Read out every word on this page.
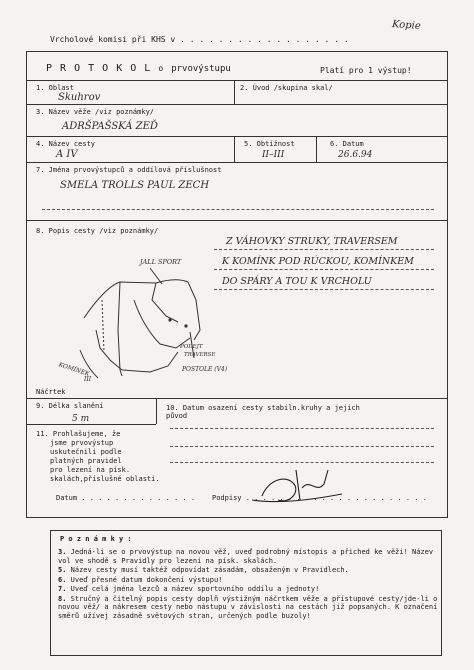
Kopie
Vrcholové komisi při KHS v . . . . . . . . . . . . . . . . . .
P R O T O K O L o prvovýstupu	Platí pro 1 výstup!
1. Oblast
Skuhrov
2. Úvod /skupina skal/
3. Název věže /viz poznámky/
ADRŠPAŠSKÁ ZEĎ
4. Název cesty
A IV
5. Obtížnost
II–III
6. Datum
26.6.94
7. Jména prvovýstupců a oddílová příslušnost
SMELA TROLLS PAUL ZECH
8. Popis cesty /viz poznámky/
Z VÁHOVKY STRUKY, TRAVERSEM
K KOMÍNK POD RÚCKOU, KOMÍNKEM
DO SPÁRY A TOU K VRCHOLU
JALL SPORT
PODEJT
TRAVERSE
POSTOLE (V4)
KOMÍNEK
III
Náčrtek
9. Délka slanění
5 m
10. Datum osazení cesty stabiln.kruhy a jejich původ
11. Prohlašujeme, že
jsme prvovýstup
uskutečnili podle
platných pravidel
pro lezení na písk.
skalách,příslušné oblasti.
Datum . . . . . . . . . . . . . . Podpisy . . . . . . . . . . . . . . . . . . . . . .
P o z n á m k y :
3. Jedná-li se o prvovýstup na novou věž, uveď podrobný místopis a přiched ke věži! Název vol ve shodě s Pravidly pro lezení na písk. skalách.
5. Název cesty musí taktéž odpovídat zásadám, obsaženým v Pravidlech.
6. Uveď přesné datum dokončení výstupu!
7. Uveď celá jména lezců a název sportovního oddílu a jednoty!
8. Stručný a čitelný popis cesty doplň výstižným náčrtkem věže a přístupové cesty/jde-li o novou věž/ a nákresem cesty nebo nástupu v závislosti na cestách již popsaných. K označení směrů užívej zásadně světových stran, určených podle buzoly!
